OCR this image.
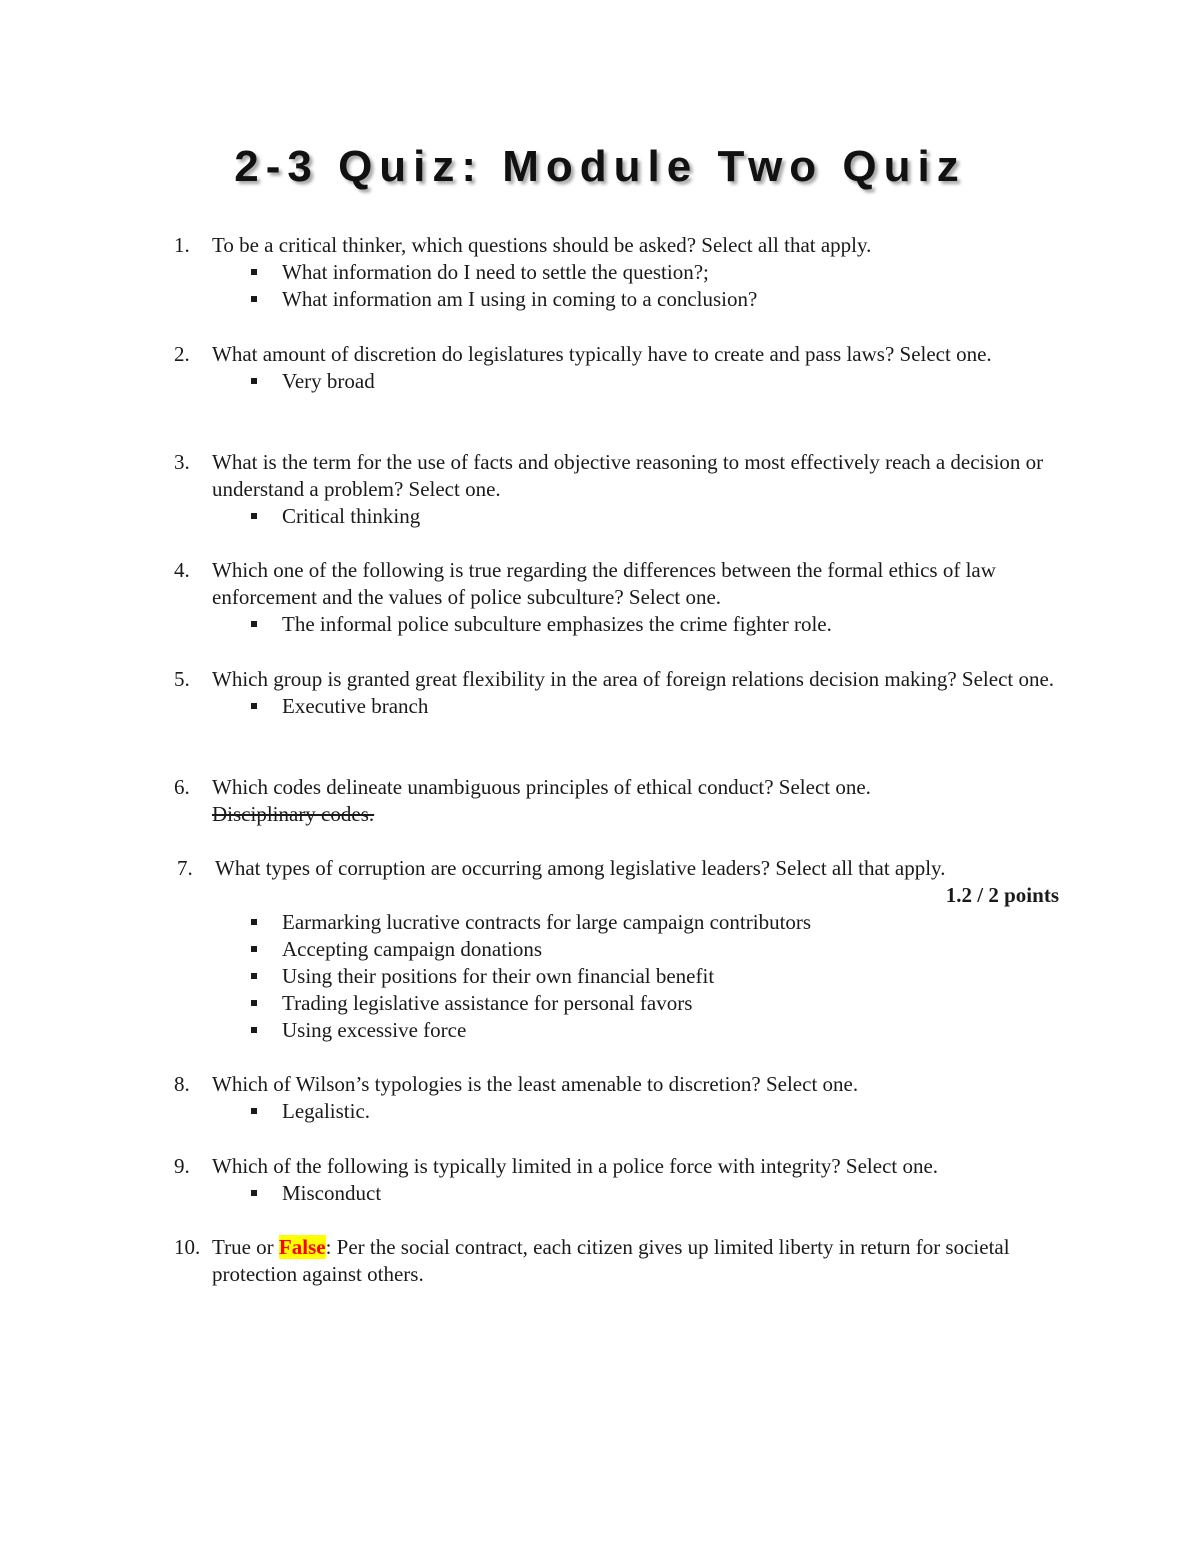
2-3 Quiz: Module Two Quiz
1. To be a critical thinker, which questions should be asked? Select all that apply.
What information do I need to settle the question?;
What information am I using in coming to a conclusion?
2. What amount of discretion do legislatures typically have to create and pass laws? Select one.
Very broad
3. What is the term for the use of facts and objective reasoning to most effectively reach a decision or understand a problem? Select one.
Critical thinking
4. Which one of the following is true regarding the differences between the formal ethics of law enforcement and the values of police subculture? Select one.
The informal police subculture emphasizes the crime fighter role.
5. Which group is granted great flexibility in the area of foreign relations decision making? Select one.
Executive branch
6. Which codes delineate unambiguous principles of ethical conduct? Select one.
Disciplinary codes.
7. What types of corruption are occurring among legislative leaders? Select all that apply.
1.2 / 2 points
Earmarking lucrative contracts for large campaign contributors
Accepting campaign donations
Using their positions for their own financial benefit
Trading legislative assistance for personal favors
Using excessive force
8. Which of Wilson’s typologies is the least amenable to discretion? Select one.
Legalistic.
9. Which of the following is typically limited in a police force with integrity? Select one.
Misconduct
10. True or False: Per the social contract, each citizen gives up limited liberty in return for societal protection against others.
